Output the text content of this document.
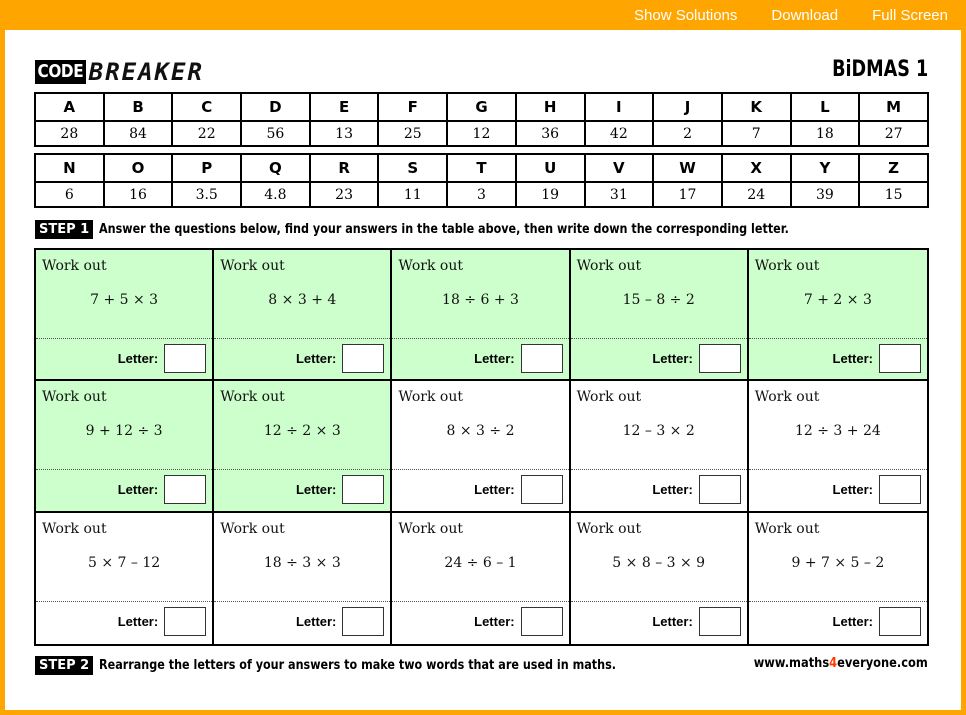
Show Solutions Download Full Screen
CODE BREAKER	BiDMAS 1
A	B	C	D	E	F	G	H	I	J	K	L	M
28	84	22	56	13	25	12	36	42	2	7	18	27
N	O	P	Q	R	S	T	U	V	W	X	Y	Z
6	16	3.5	4.8	23	11	3	19	31	17	24	39	15
STEP 1 Answer the questions below, find your answers in the table above, then write down the corresponding letter.
Work out
7 + 5 × 3
Letter:
Work out
8 × 3 + 4
Letter:
Work out
18 ÷ 6 + 3
Letter:
Work out
15 – 8 ÷ 2
Letter:
Work out
7 + 2 × 3
Letter:
Work out
9 + 12 ÷ 3
Letter:
Work out
12 ÷ 2 × 3
Letter:
Work out
8 × 3 ÷ 2
Letter:
Work out
12 – 3 × 2
Letter:
Work out
12 ÷ 3 + 24
Letter:
Work out
5 × 7 – 12
Letter:
Work out
18 ÷ 3 × 3
Letter:
Work out
24 ÷ 6 – 1
Letter:
Work out
5 × 8 – 3 × 9
Letter:
Work out
9 + 7 × 5 – 2
Letter:
STEP 2 Rearrange the letters of your answers to make two words that are used in maths.	www.maths4everyone.com
